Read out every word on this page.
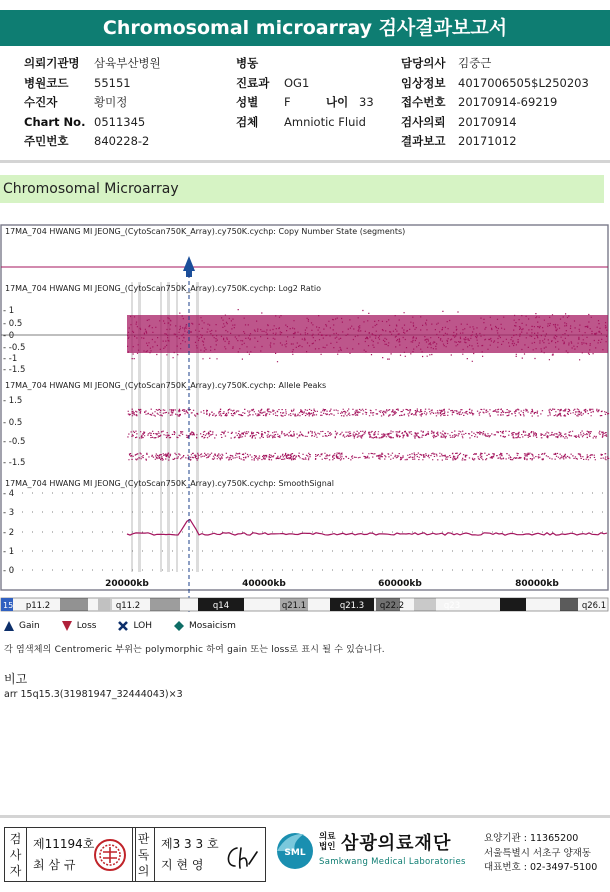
Chromosomal microarray 검사결과보고서
의뢰기관명	삼육부산병원
병원코드	55151
수진자	황미정
Chart No. 0511345
주민번호	840228-2
병동
진료과	OG1
성별	F	나이 33
검체	Amniotic Fluid
담당의사	김중근
임상정보	4017006505$L250203
접수번호	20170914-69219
검사의뢰	20170914
결과보고	20171012
Chromosomal Microarray
17MA_704 HWANG MI JEONG_(CytoScan750K_Array).cy750K.cychp: Copy Number State (segments)
17MA_704 HWANG MI JEONG_(CytoScan750K_Array).cy750K.cychp: Log2 Ratio
- 1
- 0.5
- 0
- -0.5
- -1
- -1.5
17MA_704 HWANG MI JEONG_(CytoScan750K_Array).cy750K.cychp: Allele Peaks
- 1.5
- 0.5
- -0.5
- -1.5
17MA_704 HWANG MI JEONG_(CytoScan750K_Array).cy750K.cychp: SmoothSignal
- 4
- 3
- 2
- 1
- 0
20000kb	40000kb	60000kb	80000kb
15 p11.2	q11.2	q14	q21.1	q21.3 q22.2	q23	q26.1
Gain	Loss	LOH	Mosaicism
각 염색체의 Centromeric 부위는 polymorphic 하여 gain 또는 loss로 표시 될 수 있습니다.
비고
arr 15q15.3(31981947_32444043)×3
검사자
제11194호
최 삼 규
판독의
제3 3 3 호
지 현 영
SML
의료
법인 삼광의료재단
Samkwang Medical Laboratories
요양기관 : 11365200
서울특별시 서초구 양재동
대표번호 : 02-3497-5100
